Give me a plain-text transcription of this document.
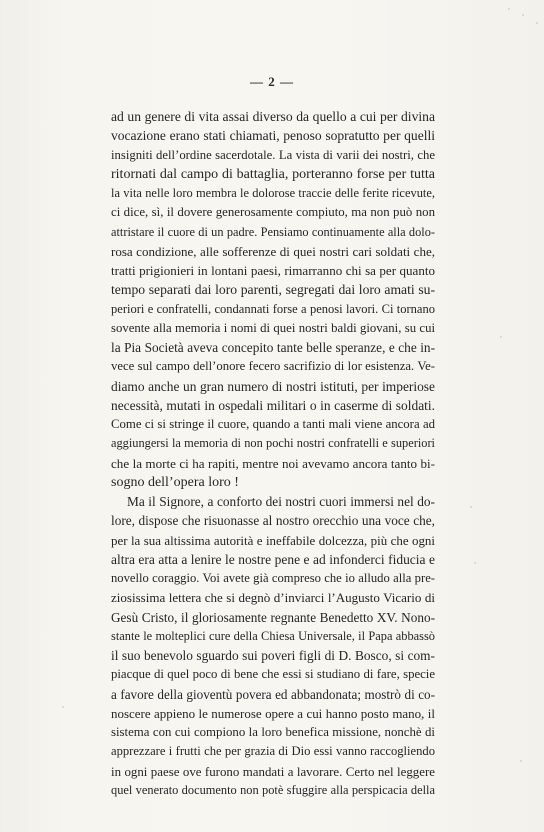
— 2 —
ad un genere di vita assai diverso da quello a cui per divina
vocazione erano stati chiamati, penoso sopratutto per quelli
insigniti dell’ordine sacerdotale. La vista di varii dei nostri, che
ritornati dal campo di battaglia, porteranno forse per tutta
la vita nelle loro membra le dolorose traccie delle ferite ricevute,
ci dice, sì, il dovere generosamente compiuto, ma non può non
attristare il cuore di un padre. Pensiamo continuamente alla dolo-
rosa condizione, alle sofferenze di quei nostri cari soldati che,
tratti prigionieri in lontani paesi, rimarranno chi sa per quanto
tempo separati dai loro parenti, segregati dai loro amati su-
periori e confratelli, condannati forse a penosi lavori. Ci tornano
sovente alla memoria i nomi di quei nostri baldi giovani, su cui
la Pia Società aveva concepito tante belle speranze, e che in-
vece sul campo dell’onore fecero sacrifizio di lor esistenza. Ve-
diamo anche un gran numero di nostri istituti, per imperiose
necessità, mutati in ospedali militari o in caserme di soldati.
Come ci si stringe il cuore, quando a tanti mali viene ancora ad
aggiungersi la memoria di non pochi nostri confratelli e superiori
che la morte ci ha rapiti, mentre noi avevamo ancora tanto bi-
sogno dell’opera loro !
Ma il Signore, a conforto dei nostri cuori immersi nel do-
lore, dispose che risuonasse al nostro orecchio una voce che,
per la sua altissima autorità e ineffabile dolcezza, più che ogni
altra era atta a lenire le nostre pene e ad infonderci fiducia e
novello coraggio. Voi avete già compreso che io alludo alla pre-
ziosissima lettera che si degnò d’inviarci l’Augusto Vicario di
Gesù Cristo, il gloriosamente regnante Benedetto XV. Nono-
stante le molteplici cure della Chiesa Universale, il Papa abbassò
il suo benevolo sguardo sui poveri figli di D. Bosco, si com-
piacque di quel poco di bene che essi si studiano di fare, specie
a favore della gioventù povera ed abbandonata; mostrò di co-
noscere appieno le numerose opere a cui hanno posto mano, il
sistema con cui compiono la loro benefica missione, nonchè di
apprezzare i frutti che per grazia di Dio essi vanno raccogliendo
in ogni paese ove furono mandati a lavorare. Certo nel leggere
quel venerato documento non potè sfuggire alla perspicacia della
